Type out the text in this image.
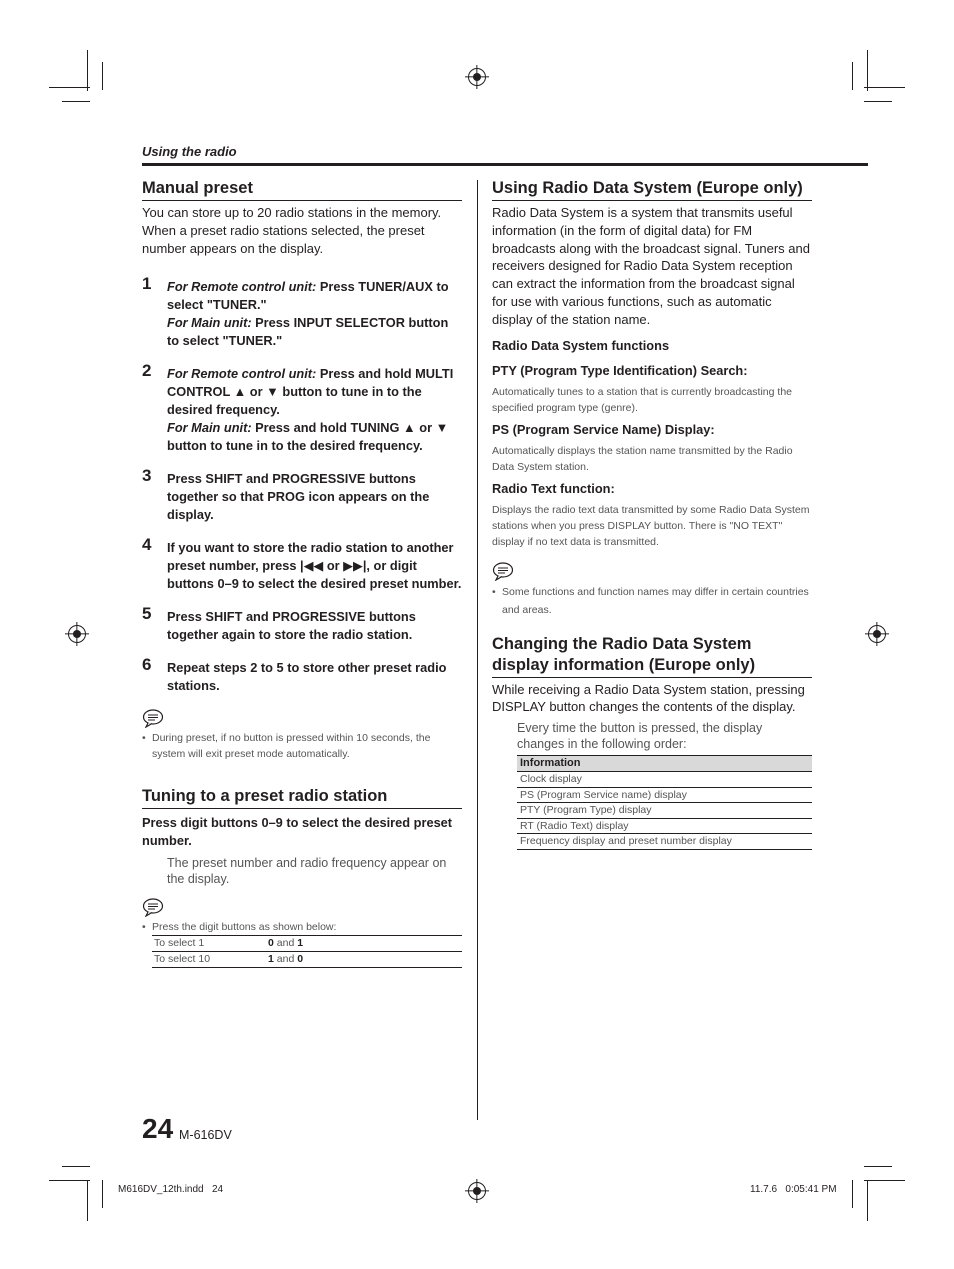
Using the radio
Manual preset

You can store up to 20 radio stations in the memory. When a preset radio stations selected, the preset number appears on the display.

1 For Remote control unit: Press TUNER/AUX to select "TUNER."
For Main unit: Press INPUT SELECTOR button to select "TUNER."
2 For Remote control unit: Press and hold MULTI CONTROL ▲ or ▼ button to tune in to the desired frequency.
For Main unit: Press and hold TUNING ▲ or ▼ button to tune in to the desired frequency.
3 Press SHIFT and PROGRESSIVE buttons together so that PROG icon appears on the display.
4 If you want to store the radio station to another preset number, press |◀◀ or ▶▶|, or digit buttons 0–9 to select the desired preset number.
5 Press SHIFT and PROGRESSIVE buttons together again to store the radio station.
6 Repeat steps 2 to 5 to store other preset radio stations.
• During preset, if no button is pressed within 10 seconds, the system will exit preset mode automatically.
Tuning to a preset radio station
Press digit buttons 0–9 to select the desired preset number.
The preset number and radio frequency appear on the display.
• Press the digit buttons as shown below:
To select 1	0 and 1
To select 10	1 and 0
Using Radio Data System (Europe only)

Radio Data System is a system that transmits useful information (in the form of digital data) for FM broadcasts along with the broadcast signal. Tuners and receivers designed for Radio Data System reception can extract the information from the broadcast signal for use with various functions, such as automatic display of the station name.

Radio Data System functions
PTY (Program Type Identification) Search:
Automatically tunes to a station that is currently broadcasting the specified program type (genre).
PS (Program Service Name) Display:
Automatically displays the station name transmitted by the Radio Data System station.
Radio Text function:
Displays the radio text data transmitted by some Radio Data System stations when you press DISPLAY button. There is "NO TEXT" display if no text data is transmitted.
• Some functions and function names may differ in certain countries and areas.
Changing the Radio Data System display information (Europe only)

While receiving a Radio Data System station, pressing DISPLAY button changes the contents of the display.

Every time the button is pressed, the display changes in the following order:
Information
Clock display
PS (Program Service name) display
PTY (Program Type) display
RT (Radio Text) display
Frequency display and preset number display
24 M-616DV
M616DV_12th.indd   24	11.7.6   0:05:41 PM
